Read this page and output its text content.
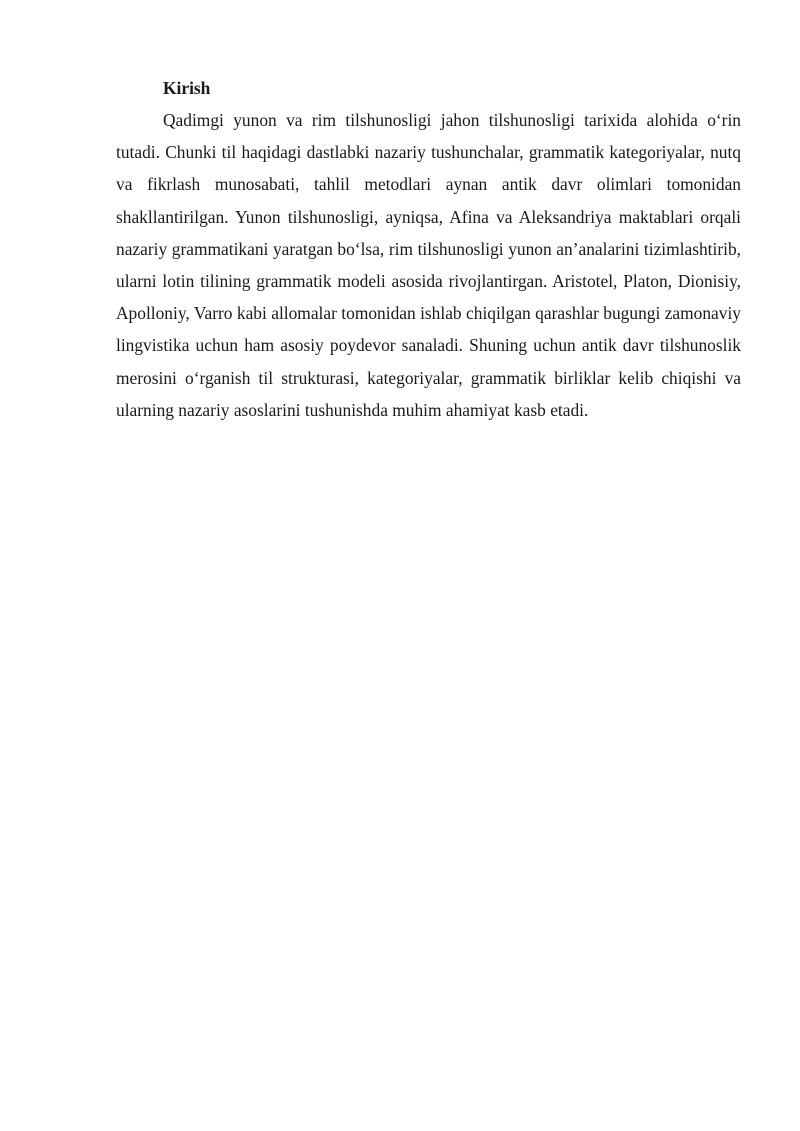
Kirish

Qadimgi yunon va rim tilshunosligi jahon tilshunosligi tarixida alohida o‘rin tutadi. Chunki til haqidagi dastlabki nazariy tushunchalar, grammatik kategoriyalar, nutq va fikrlash munosabati, tahlil metodlari aynan antik davr olimlari tomonidan shakllantirilgan. Yunon tilshunosligi, ayniqsa, Afina va Aleksandriya maktablari orqali nazariy grammatikani yaratgan bo‘lsa, rim tilshunosligi yunon an’analarini tizimlashtirib, ularni lotin tilining grammatik modeli asosida rivojlantirgan. Aristotel, Platon, Dionisiy, Apolloniy, Varro kabi allomalar tomonidan ishlab chiqilgan qarashlar bugungi zamonaviy lingvistika uchun ham asosiy poydevor sanaladi. Shuning uchun antik davr tilshunoslik merosini o‘rganish til strukturasi, kategoriyalar, grammatik birliklar kelib chiqishi va ularning nazariy asoslarini tushunishda muhim ahamiyat kasb etadi.
